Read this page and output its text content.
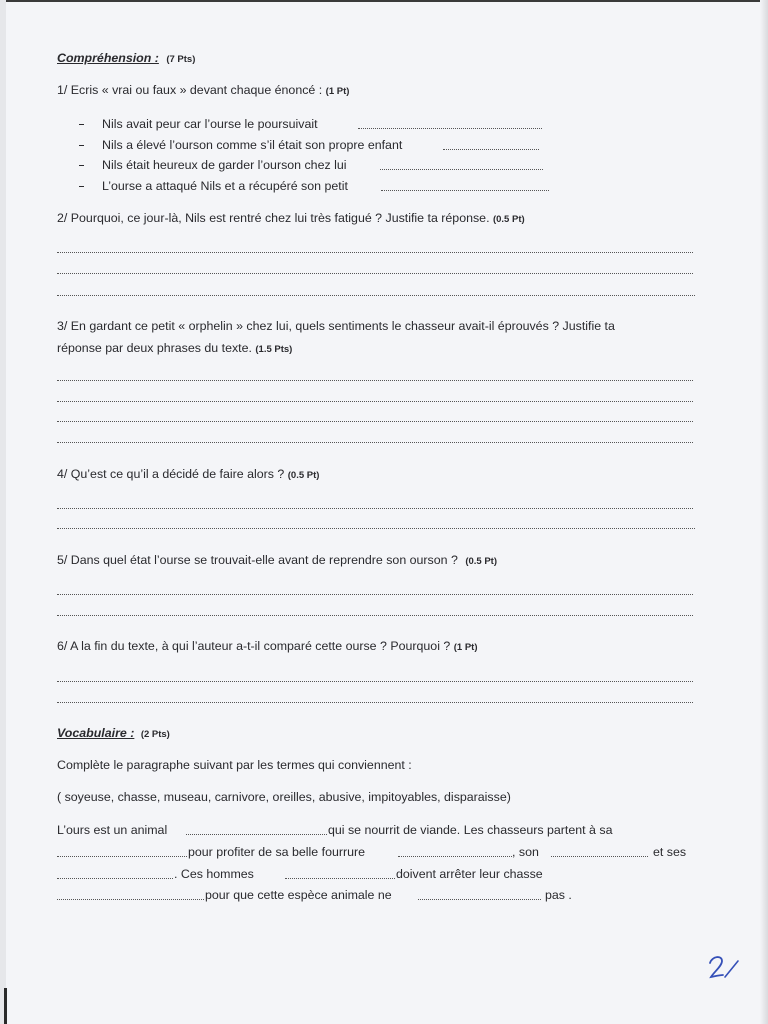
Compréhension : (7 Pts)
1/ Ecris « vrai ou faux » devant chaque énoncé : (1 Pt)
Nils avait peur car l’ourse le poursuivait
Nils a élevé l’ourson comme s’il était son propre enfant
Nils était heureux de garder l’ourson chez lui
L’ourse a attaqué Nils et a récupéré son petit
2/ Pourquoi, ce jour-là, Nils est rentré chez lui très fatigué ? Justifie ta réponse. (0.5 Pt)
3/ En gardant ce petit « orphelin » chez lui, quels sentiments le chasseur avait-il éprouvés ? Justifie ta
réponse par deux phrases du texte. (1.5 Pts)
4/ Qu’est ce qu’il a décidé de faire alors ? (0.5 Pt)
5/ Dans quel état l’ourse se trouvait-elle avant de reprendre son ourson ? (0.5 Pt)
6/ A la fin du texte, à qui l’auteur a-t-il comparé cette ourse ? Pourquoi ? (1 Pt)
Vocabulaire : (2 Pts)
Complète le paragraphe suivant par les termes qui conviennent :
( soyeuse, chasse, museau, carnivore, oreilles, abusive, impitoyables, disparaisse)
L’ours est un animal	qui se nourrit de viande. Les chasseurs partent à sa
pour profiter de sa belle fourrure	, son	et ses
. Ces hommes	doivent arrêter leur chasse
pour que cette espèce animale ne	pas .
2
